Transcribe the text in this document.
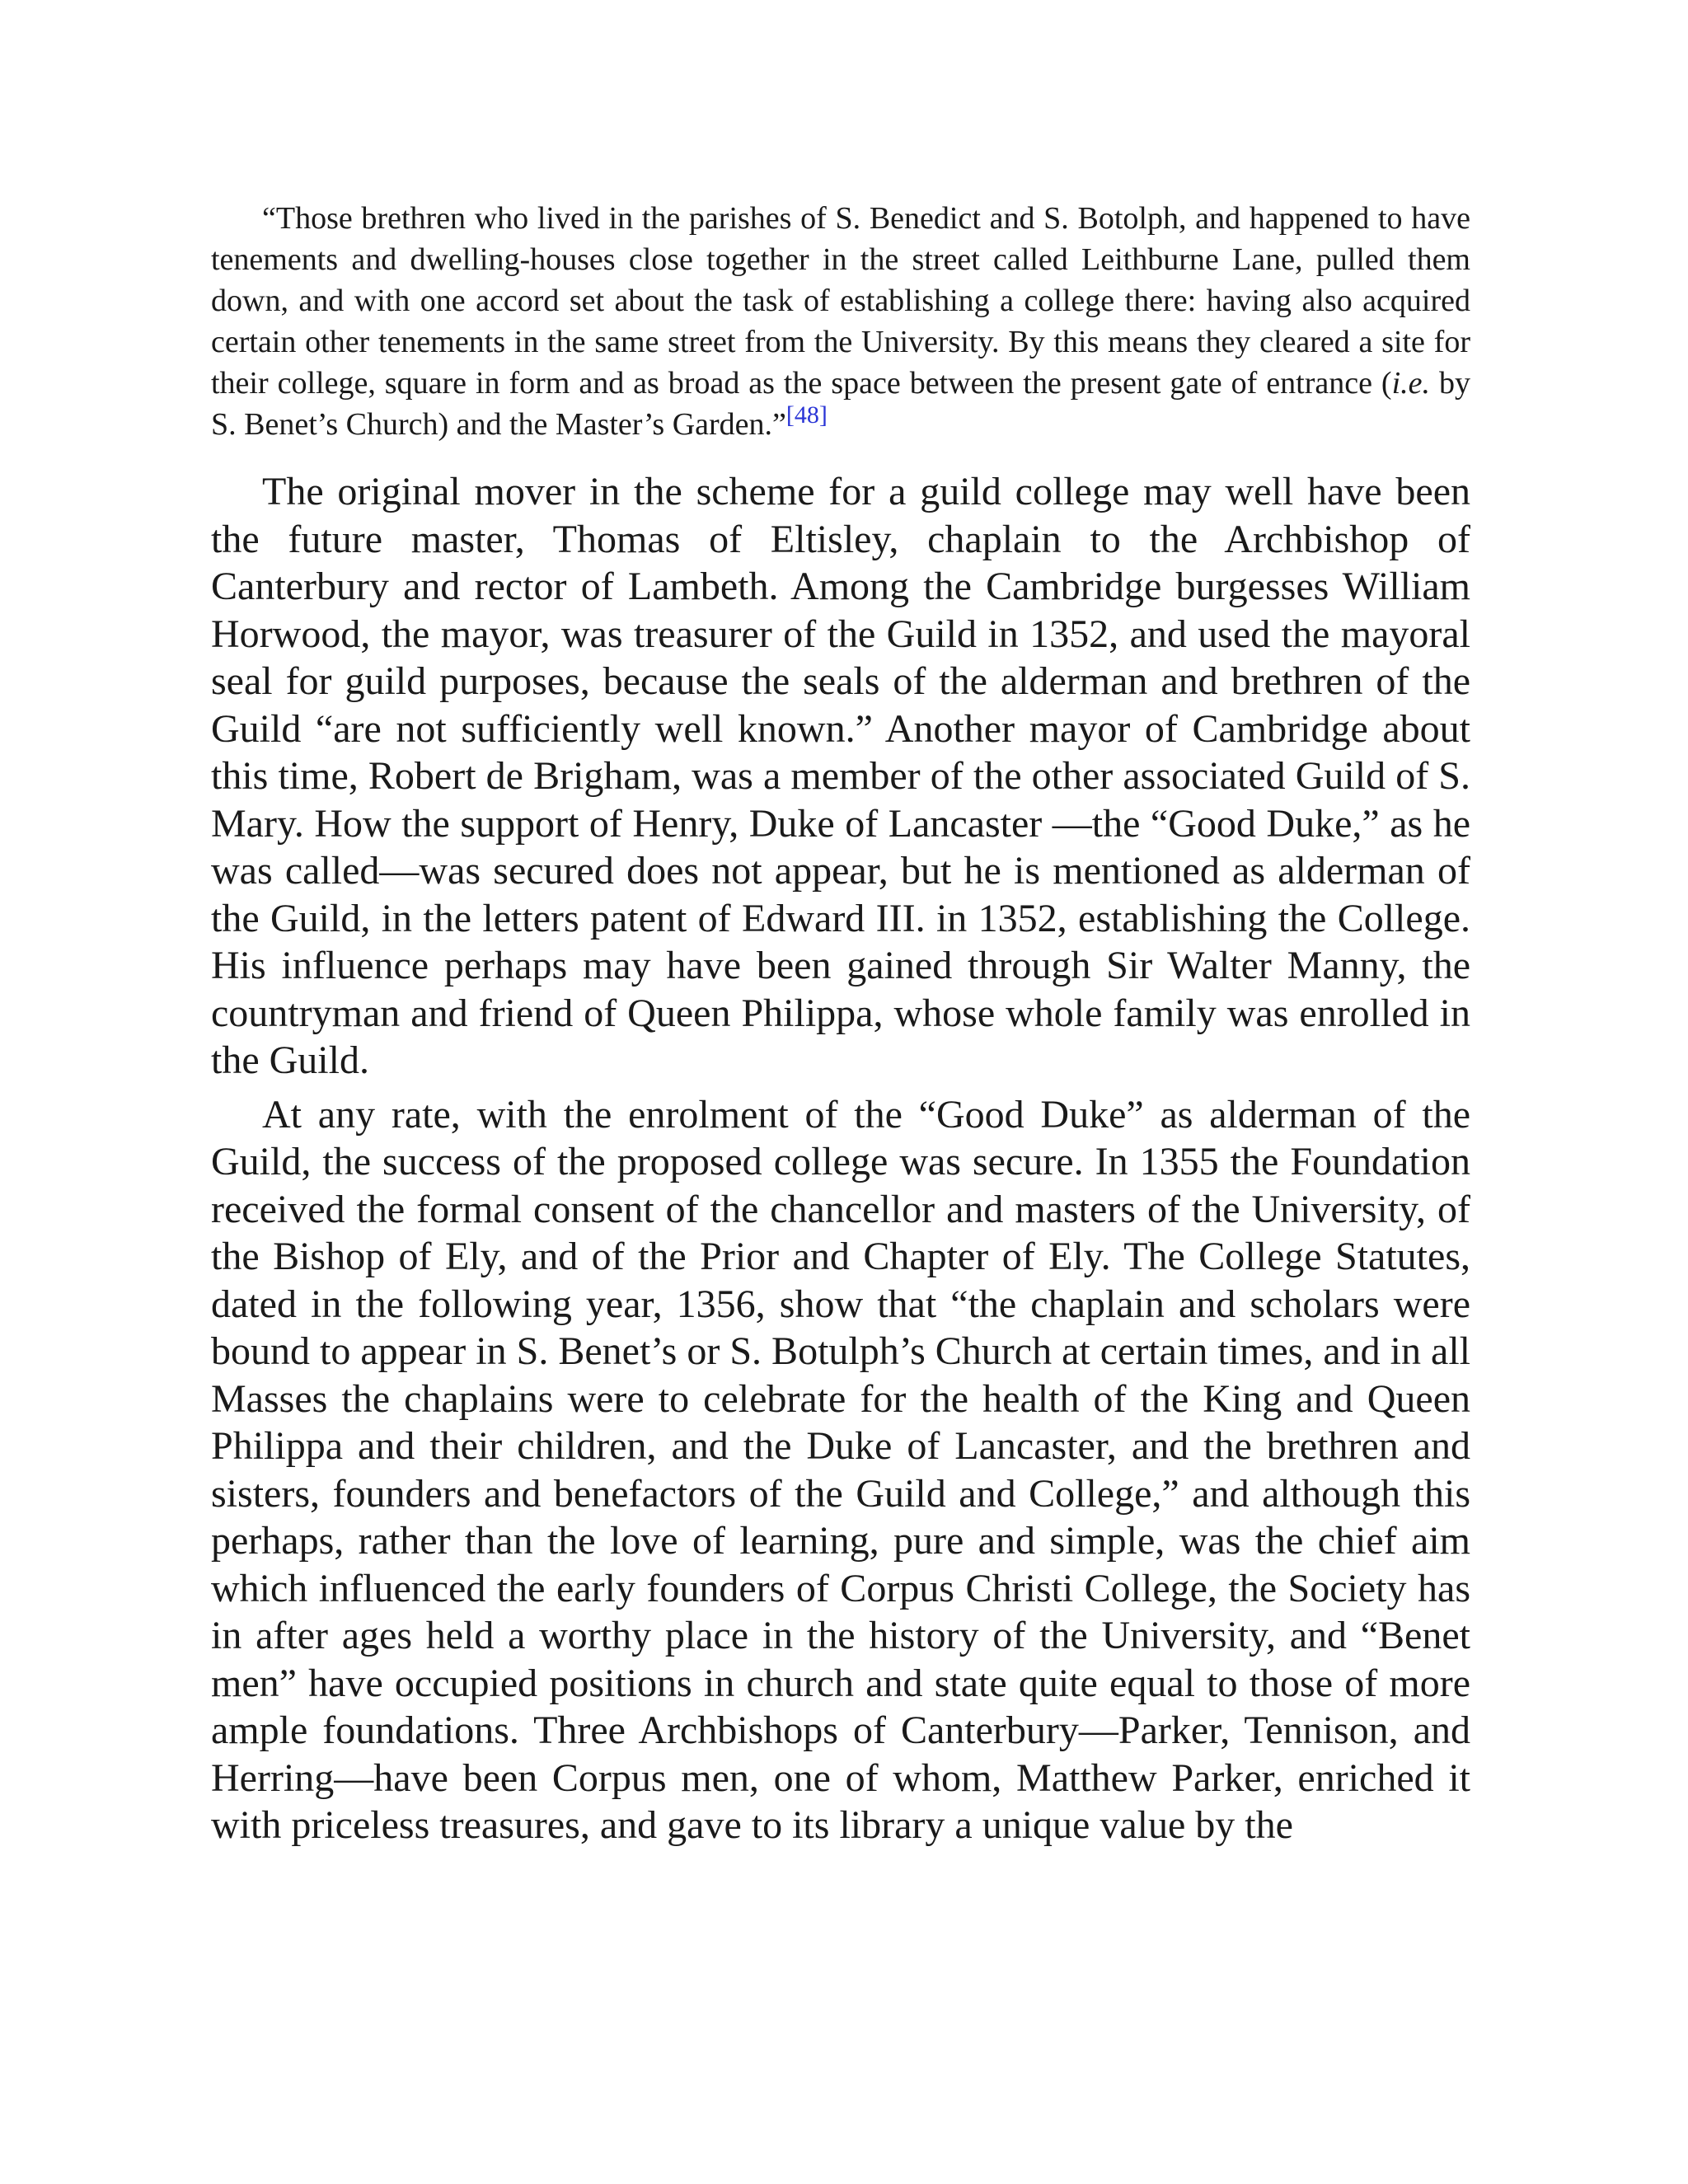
“Those brethren who lived in the parishes of S. Benedict and S. Botolph, and happened to have tenements and dwelling-houses close together in the street called Leithburne Lane, pulled them down, and with one accord set about the task of establishing a college there: having also acquired certain other tenements in the same street from the University. By this means they cleared a site for their college, square in form and as broad as the space between the present gate of entrance (i.e. by S. Benet’s Church) and the Master’s Garden.”[48]

The original mover in the scheme for a guild college may well have been the future master, Thomas of Eltisley, chaplain to the Archbishop of Canterbury and rector of Lambeth. Among the Cambridge burgesses William Horwood, the mayor, was treasurer of the Guild in 1352, and used the mayoral seal for guild purposes, because the seals of the alderman and brethren of the Guild “are not sufficiently well known.” Another mayor of Cambridge about this time, Robert de Brigham, was a member of the other associated Guild of S. Mary. How the support of Henry, Duke of Lancaster —the “Good Duke,” as he was called—was secured does not appear, but he is mentioned as alderman of the Guild, in the letters patent of Edward III. in 1352, establishing the College. His influence perhaps may have been gained through Sir Walter Manny, the countryman and friend of Queen Philippa, whose whole family was enrolled in the Guild.

At any rate, with the enrolment of the “Good Duke” as alderman of the Guild, the success of the proposed college was secure. In 1355 the Foundation received the formal consent of the chancellor and masters of the University, of the Bishop of Ely, and of the Prior and Chapter of Ely. The College Statutes, dated in the following year, 1356, show that “the chaplain and scholars were bound to appear in S. Benet’s or S. Botulph’s Church at certain times, and in all Masses the chaplains were to celebrate for the health of the King and Queen Philippa and their children, and the Duke of Lancaster, and the brethren and sisters, founders and benefactors of the Guild and College,” and although this perhaps, rather than the love of learning, pure and simple, was the chief aim which influenced the early founders of Corpus Christi College, the Society has in after ages held a worthy place in the history of the University, and “Benet men” have occupied positions in church and state quite equal to those of more ample foundations. Three Archbishops of Canterbury—Parker, Tennison, and Herring—have been Corpus men, one of whom, Matthew Parker, enriched it with priceless treasures, and gave to its library a unique value by the
